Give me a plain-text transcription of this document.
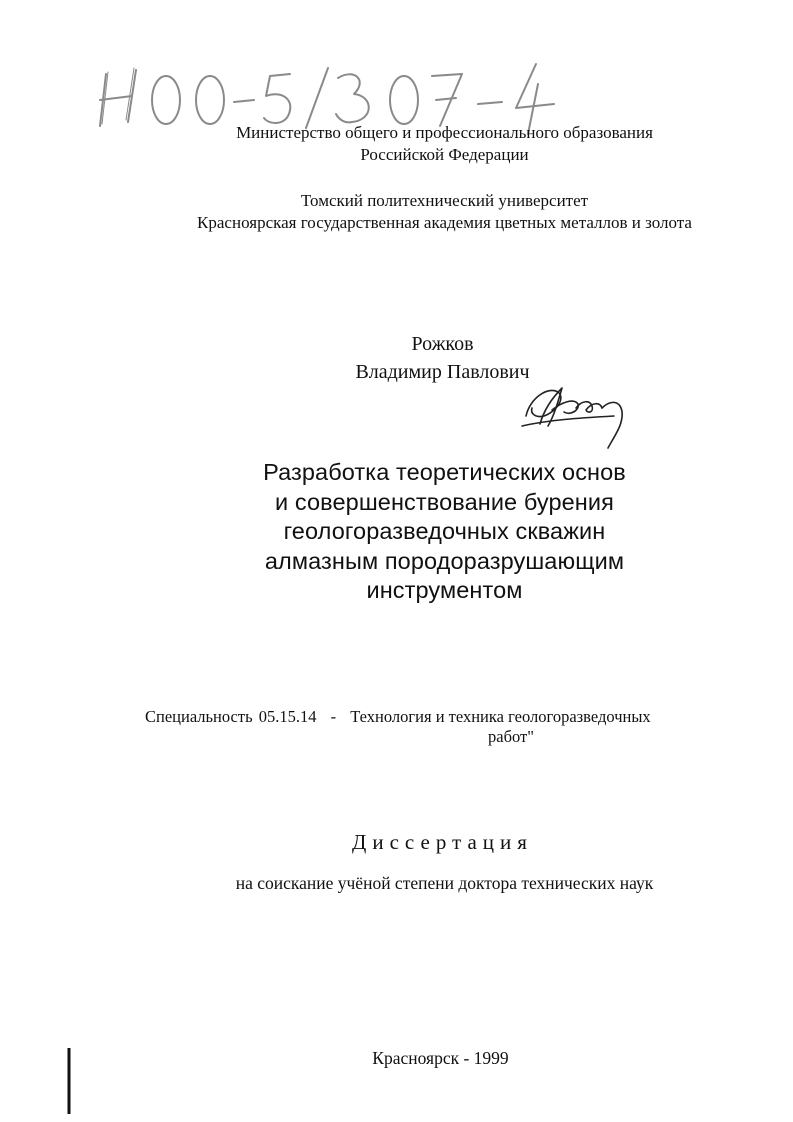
Министерство общего и профессионального образования
Российской Федерации
Томский политехнический университет
Красноярская государственная академия цветных металлов и золота
Рожков
Владимир Павлович
Разработка теоретических основ
и совершенствование бурения
геологоразведочных скважин
алмазным породоразрушающим
инструментом
Специальность 05.15.14 - Технология и техника геологоразведочных
работ"
Диссертация
на соискание учёной степени доктора технических наук
Красноярск - 1999
